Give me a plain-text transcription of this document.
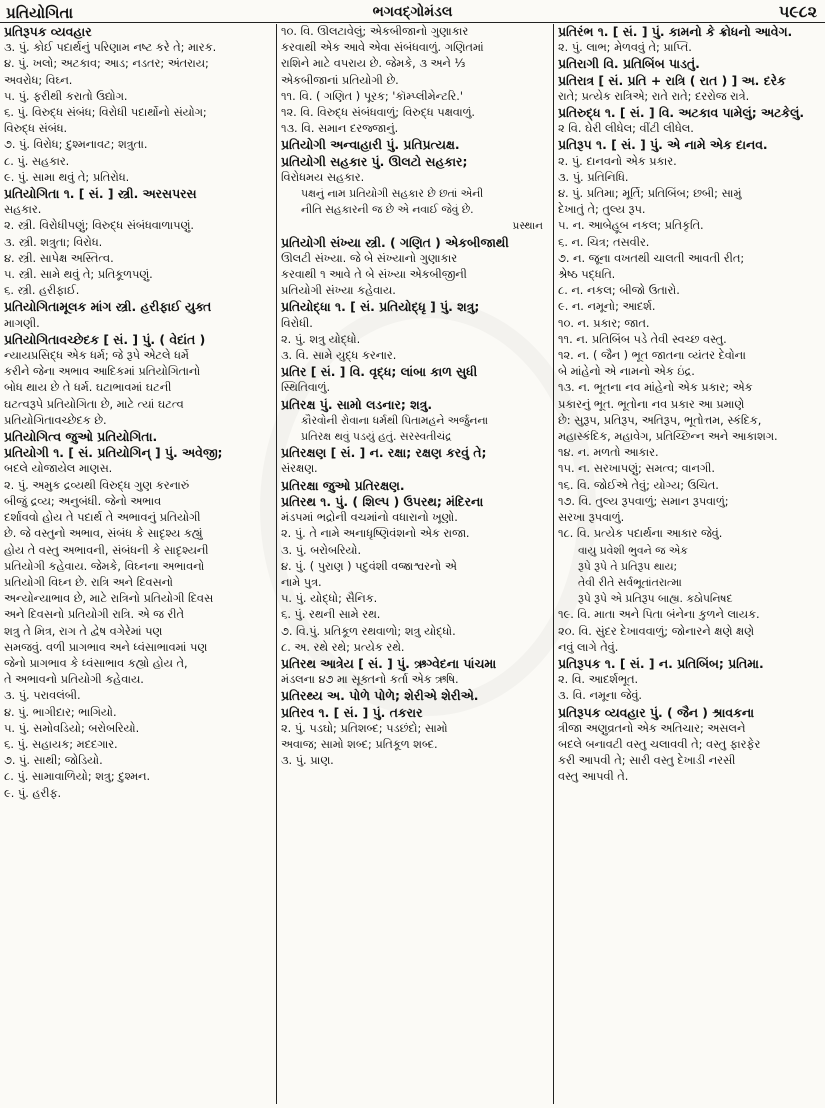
ભગવદ્ગોમંડલ
પ્રતિયોગિતા	૫૯૮૨
પ્રતિરૂપક વ્યવહાર
૩. પું. કોઈ પદાર્થનું પરિણામ નષ્ટ કરે તે; મારક.
૪. પું. ખલો; અટકાવ; આડ; નડતર; અંતરાય;
અવરોધ; વિઘ્ન.
૫. પું. ફરીથી કરાતો ઉદ્યોગ.
૬. પું. વિરુદ્ધ સંબંધ; વિરોધી પદાર્થોનો સંયોગ;
વિરુદ્ધ સંબંધ.
૭. પું. વિરોધ; દુશ્મનાવટ; શત્રુતા.
૮. પું. સહકાર.
૯. પું. સામા થવું તે; પ્રતિરોધ.
પ્રતિયોગિતા ૧. [ સં. ] સ્ત્રી. અરસપરસ
સહકાર.
૨. સ્ત્રી. વિરોધીપણું; વિરુદ્ધ સંબંધવાળાપણું.
૩. સ્ત્રી. શત્રુતા; વિરોધ.
૪. સ્ત્રી. સાપેક્ષ અસ્તિત્વ.
૫. સ્ત્રી. સામે થવું તે; પ્રતિકૂળપણું.
૬. સ્ત્રી. હરીફાઈ.
પ્રતિયોગિતામૂલક માંગ સ્ત્રી. હરીફાઈ યુક્ત
માગણી.
પ્રતિયોગિતાવચ્છેદક [ સં. ] પું. ( વેદાંત )
ન્યાયપ્રસિદ્ધ એક ધર્મ; જે રૂપે એટલે ધર્મે
કરીને જેના અભાવ આદિકમાં પ્રતિયોગિતાનો
બોધ થાય છે તે ધર્મ. ઘટાભાવમાં ઘટની
ઘટત્વરૂપે પ્રતિયોગિતા છે, માટે ત્યાં ઘટત્વ
પ્રતિયોગિતાવચ્છેદક છે.
પ્રતિયોગિત્વ જુઓ પ્રતિયોગિતા.
પ્રતિયોગી ૧. [ સં. પ્રતિયોગિન્ ] પું. અવેજી;
બદલે યોજાયેલ માણસ.
૨. પું. અમુક દ્રવ્યથી વિરુદ્ધ ગુણ કરનારું
બીજું દ્રવ્ય; અનુબંધી. જેનો અભાવ
દર્શાવવો હોય તે પદાર્થ તે અભાવનું પ્રતિયોગી
છે. જે વસ્તુનો અભાવ, સંબંધ કે સાદૃશ્ય કહ્યું
હોય તે વસ્તુ અભાવની, સંબંધની કે સાદૃશ્યની
પ્રતિયોગી કહેવાય. જેમકે, વિઘ્નના અભાવનો
પ્રતિયોગી વિઘ્ન છે. રાત્રિ અને દિવસનો
અન્યોન્યાભાવ છે, માટે રાત્રિનો પ્રતિયોગી દિવસ
અને દિવસનો પ્રતિયોગી રાત્રિ. એ જ રીતે
શત્રુ તે મિત્ર, રાગ તે દ્વેષ વગેરેમાં પણ
સમજવું. વળી પ્રાગભાવ અને ધ્વંસાભાવમાં પણ
જેનો પ્રાગભાવ કે ધ્વંસાભાવ કહ્યો હોય તે,
તે અભાવનો પ્રતિયોગી કહેવાય.
૩. પું. પરાવલંબી.
૪. પું. ભાગીદાર; ભાગિયો.
૫. પું. સમોવડિયો; બરોબરિયો.
૬. પું. સહાયક; મદદગાર.
૭. પું. સાથી; જોડિયો.
૮. પું. સામાવાળિયો; શત્રુ; દુશ્મન.
૯. પું. હરીફ.
૧૦. વિ. ઊલટાવેલું; એકબીજાનો ગુણાકાર
કરવાથી એક આવે એવા સંબંધવાળું. ગણિતમાં
રાશિને માટે વપરાય છે. જેમકે, ૩ અને ⅓
એકબીજાનાં પ્રતિયોગી છે.
૧૧. વિ. ( ગણિત ) પૂરક; 'કૉમ્પ્લીમેન્ટરિ.'
૧૨. વિ. વિરુદ્ધ સંબંધવાળું; વિરુદ્ધ પક્ષવાળું.
૧૩. વિ. સમાન દરજ્જાનું.
પ્રતિયોગી અન્વાહારી પું. પ્રતિપ્રત્યક્ષ.
પ્રતિયોગી સહકાર પું. ઊલટો સહકાર;
વિરોધમય સહકાર.
પક્ષનું નામ પ્રતિયોગી સહકાર છે છતાં એની
નીતિ સહકારની જ છે એ નવાઈ જેવું છે.
પ્રસ્થાન
પ્રતિયોગી સંખ્યા સ્ત્રી. ( ગણિત ) એકબીજાથી
ઊલટી સંખ્યા. જે બે સંખ્યાનો ગુણાકાર
કરવાથી ૧ આવે તે બે સંખ્યા એકબીજીની
પ્રતિયોગી સંખ્યા કહેવાય.
પ્રતિયોદ્ધા ૧. [ સં. પ્રતિયોદ્ધૃ ] પું. શત્રુ;
વિરોધી.
૨. પું. શત્રુ યોદ્ધો.
૩. વિ. સામે યુદ્ધ કરનાર.
પ્રતિર [ સં. ] વિ. વૃદ્ધ; લાંબા કાળ સુધી
સ્થિતિવાળું.
પ્રતિરક્ષ પું. સામો લડનાર; શત્રુ.
કૌરવોની રોવાના ધર્મથી પિતામહને અર્જુનના
પ્રતિરક્ષ થવું પડયું હતું. સરસ્વતીચંદ્ર
પ્રતિરક્ષણ [ સં. ] ન. રક્ષા; રક્ષણ કરવું તે;
સંરક્ષણ.
પ્રતિરક્ષા જુઓ પ્રતિરક્ષણ.
પ્રતિરથ ૧. પું. ( શિલ્પ ) ઉપરથ; મંદિરના
મંડપમાં ભદ્રોની વચમાંનો વધારાનો ખૂણો.
૨. પું. તે નામે અનાધૃષ્ણિવંશનો એક રાજા.
૩. પું. બરોબરિયો.
૪. પું. ( પુરાણ ) પદુવંશી વજ્રાશ્વરનો એ
નામે પુત્ર.
૫. પું. યોદ્ધો; સૈનિક.
૬. પું. રથની સામે રથ.
૭. વિ.પું. પ્રતિકૂળ રથવાળો; શત્રુ યોદ્ધો.
૮. અ. રથે રથે; પ્રત્યેક રથે.
પ્રતિરથ આત્રેય [ સં. ] પું. ઋગ્વેદના પાંચમા
મંડલના ૪૭ મા સૂક્તનો કર્તા એક ઋષિ.
પ્રતિરથ્ય અ. પોળે પોળે; શેરીએ શેરીએ.
પ્રતિરવ ૧. [ સં. ] પું. તકરાર
૨. પું. પડઘો; પ્રતિશબ્દ; પડછંદો; સામો
અવાજ; સામો શબ્દ; પ્રતિકૂળ શબ્દ.
૩. પું. પ્રાણ.
પ્રતિરંભ ૧. [ સં. ] પું. કામનો કે ક્રોધનો આવેગ.
૨. પું. લાભ; મેળવવું તે; પ્રાપ્તિ.
પ્રતિરાગી વિ. પ્રતિબિંબ પાડતું.
પ્રતિરાત્ર [ સં. પ્રતિ + રાત્રિ ( રાત ) ] અ. દરેક
રાતે; પ્રત્યેક રાત્રિએ; રાતે રાતે; દરરોજ રાત્રે.
પ્રતિરુદ્ધ ૧. [ સં. ] વિ. અટકાવ પામેલું; અટકેલું.
૨ વિ. ઘેરી લીધેલ; વીંટી લીધેલ.
પ્રતિરૂપ ૧. [ સં. ] પું. એ નામે એક દાનવ.
૨. પું. દાનવનો એક પ્રકાર.
૩. પું. પ્રતિનિધિ.
૪. પું. પ્રતિમા; મૂર્તિ; પ્રતિબિંબ; છબી; સામું
દેખાતું તે; તુલ્ય રૂપ.
૫. ન. આબેહૂબ નકલ; પ્રતિકૃતિ.
૬. ન. ચિત્ર; તસવીર.
૭. ન. જૂના વખતથી ચાલતી આવતી રીત;
શ્રેષ્ઠ પદ્ધતિ.
૮. ન. નકલ; બીજો ઉતારો.
૯. ન. નમૂનો; આદર્શ.
૧૦. ન. પ્રકાર; જાત.
૧૧. ન. પ્રતિબિંબ પડે તેવી સ્વચ્છ વસ્તુ.
૧૨. ન. ( જૈન ) ભૂત જાતના વ્યંતર દેવોના
બે માંહેનો એ નામનો એક ઇંદ્ર.
૧૩. ન. ભૂતના નવ માંહેનો એક પ્રકાર; એક
પ્રકારનું ભૂત. ભૂતોના નવ પ્રકાર આ પ્રમાણે
છે: સુરૂપ, પ્રતિરૂપ, અતિરૂપ, ભૂતોત્તમ, સ્કંદિક,
મહાસ્કંદિક, મહાવેગ, પ્રતિચ્છિન્ન અને આકાશગ.
૧૪. ન. મળતો આકાર.
૧૫. ન. સરખાપણું; સમત્વ; વાનગી.
૧૬. વિ. જોઈએ તેવું; યોગ્ય; ઉચિત.
૧૭. વિ. તુલ્ય રૂપવાળું; સમાન રૂપવાળું;
સરખા રૂપવાળું.
૧૮. વિ. પ્રત્યેક પદાર્થના આકાર જેવું.
વાયુ પ્રવેશી ભુવને જ એક
રૂપે રૂપે તે પ્રતિરૂપ થાય;
તેવી રીતે સર્વભૂતાંતરાત્મા
રૂપે રૂપે એ પ્રતિરૂપ બાહ્ય. કઠોપનિષદ
૧૯. વિ. માતા અને પિતા બંનેના કુળને લાયક.
૨૦. વિ. સુંદર દેખાવવાળું; જોનારને ક્ષણે ક્ષણે
નવું લાગે તેવું.
પ્રતિરૂપક ૧. [ સં. ] ન. પ્રતિબિંબ; પ્રતિમા.
૨. વિ. આદર્શભૂત.
૩. વિ. નમૂના જેવું.
પ્રતિરૂપક વ્યવહાર પું. ( જૈન ) શ્રાવકના
ત્રીજા અણુવ્રતનો એક અતિચાર; અસલને
બદલે બનાવટી વસ્તુ ચલાવવી તે; વસ્તુ ફારફેર
કરી આપવી તે; સારી વસ્તુ દેખાડી નરસી
વસ્તુ આપવી તે.
